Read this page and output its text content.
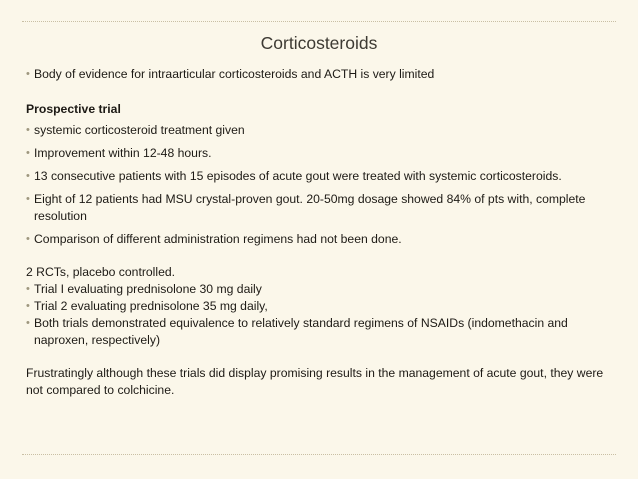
Corticosteroids
• Body of evidence for intraarticular corticosteroids and ACTH is very limited
Prospective trial
• systemic corticosteroid treatment given
• Improvement within 12-48 hours.
• 13 consecutive patients with 15 episodes of acute gout were treated with systemic corticosteroids.
• Eight of 12 patients had MSU crystal-proven gout. 20-50mg dosage showed 84% of pts with, complete resolution
• Comparison of different administration regimens had not been done.
2 RCTs, placebo controlled.
• Trial I evaluating prednisolone 30 mg daily
• Trial 2 evaluating prednisolone 35 mg daily,
• Both trials demonstrated equivalence to relatively standard regimens of NSAIDs (indomethacin and naproxen, respectively)
Frustratingly although these trials did display promising results in the management of acute gout, they were not compared to colchicine.
